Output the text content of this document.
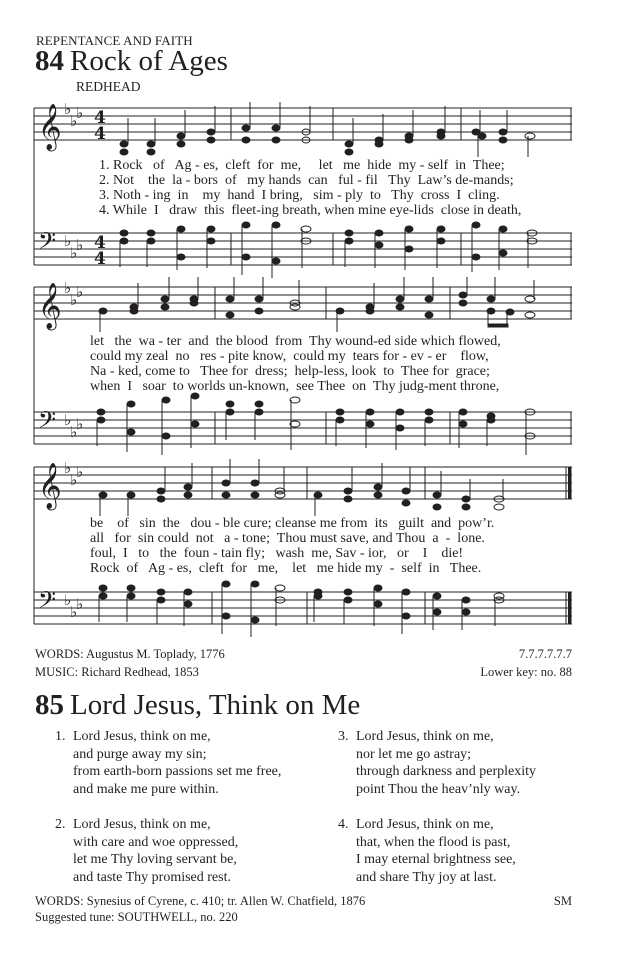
REPENTANCE AND FAITH
84 Rock of Ages
REDHEAD
𝄞
𝄢
𝄞
𝄢
𝄞
𝄢
♭
♭
♭
♭
♭
♭
♭
♭
♭
♭
♭
♭
♭
♭
♭
♭
♭
♭
4
4
4
4
1. Rock   of   Ag - es,  cleft  for  me,     let   me  hide  my - self  in  Thee;
2. Not    the  la - bors  of   my hands  can   ful - fil   Thy  Law’s de-mands;
3. Noth - ing  in    my  hand  I bring,   sim - ply  to   Thy  cross  I  cling.
4. While  I   draw  this  fleet-ing breath, when mine eye-lids  close in death,
let   the  wa - ter  and  the blood  from  Thy wound-ed side which flowed,
could my zeal  no   res - pite know,  could my  tears for - ev - er    flow,
Na - ked, come to   Thee for  dress;  help-less, look  to  Thee for  grace;
when  I   soar  to worlds un-known,  see Thee  on  Thy judg-ment throne,
be    of   sin  the   dou - ble cure; cleanse me from  its   guilt  and  pow’r.
all   for  sin could  not   a - tone;  Thou must save, and Thou  a  -  lone.
foul,  I   to   the  foun - tain fly;   wash  me, Sav - ior,   or    I    die!
Rock  of   Ag - es,  cleft  for   me,    let   me hide my  -  self  in   Thee.
WORDS: Augustus M. Toplady, 1776
MUSIC: Richard Redhead, 1853
7.7.7.7.7.7
Lower key: no. 88
85 Lord Jesus, Think on Me
1. Lord Jesus, think on me,
and purge away my sin;
from earth-born passions set me free,
and make me pure within.
2. Lord Jesus, think on me,
with care and woe oppressed,
let me Thy loving servant be,
and taste Thy promised rest.
3. Lord Jesus, think on me,
nor let me go astray;
through darkness and perplexity
point Thou the heav’nly way.
4. Lord Jesus, think on me,
that, when the flood is past,
I may eternal brightness see,
and share Thy joy at last.
WORDS: Synesius of Cyrene, c. 410; tr. Allen W. Chatfield, 1876
Suggested tune: SOUTHWELL, no. 220
SM
